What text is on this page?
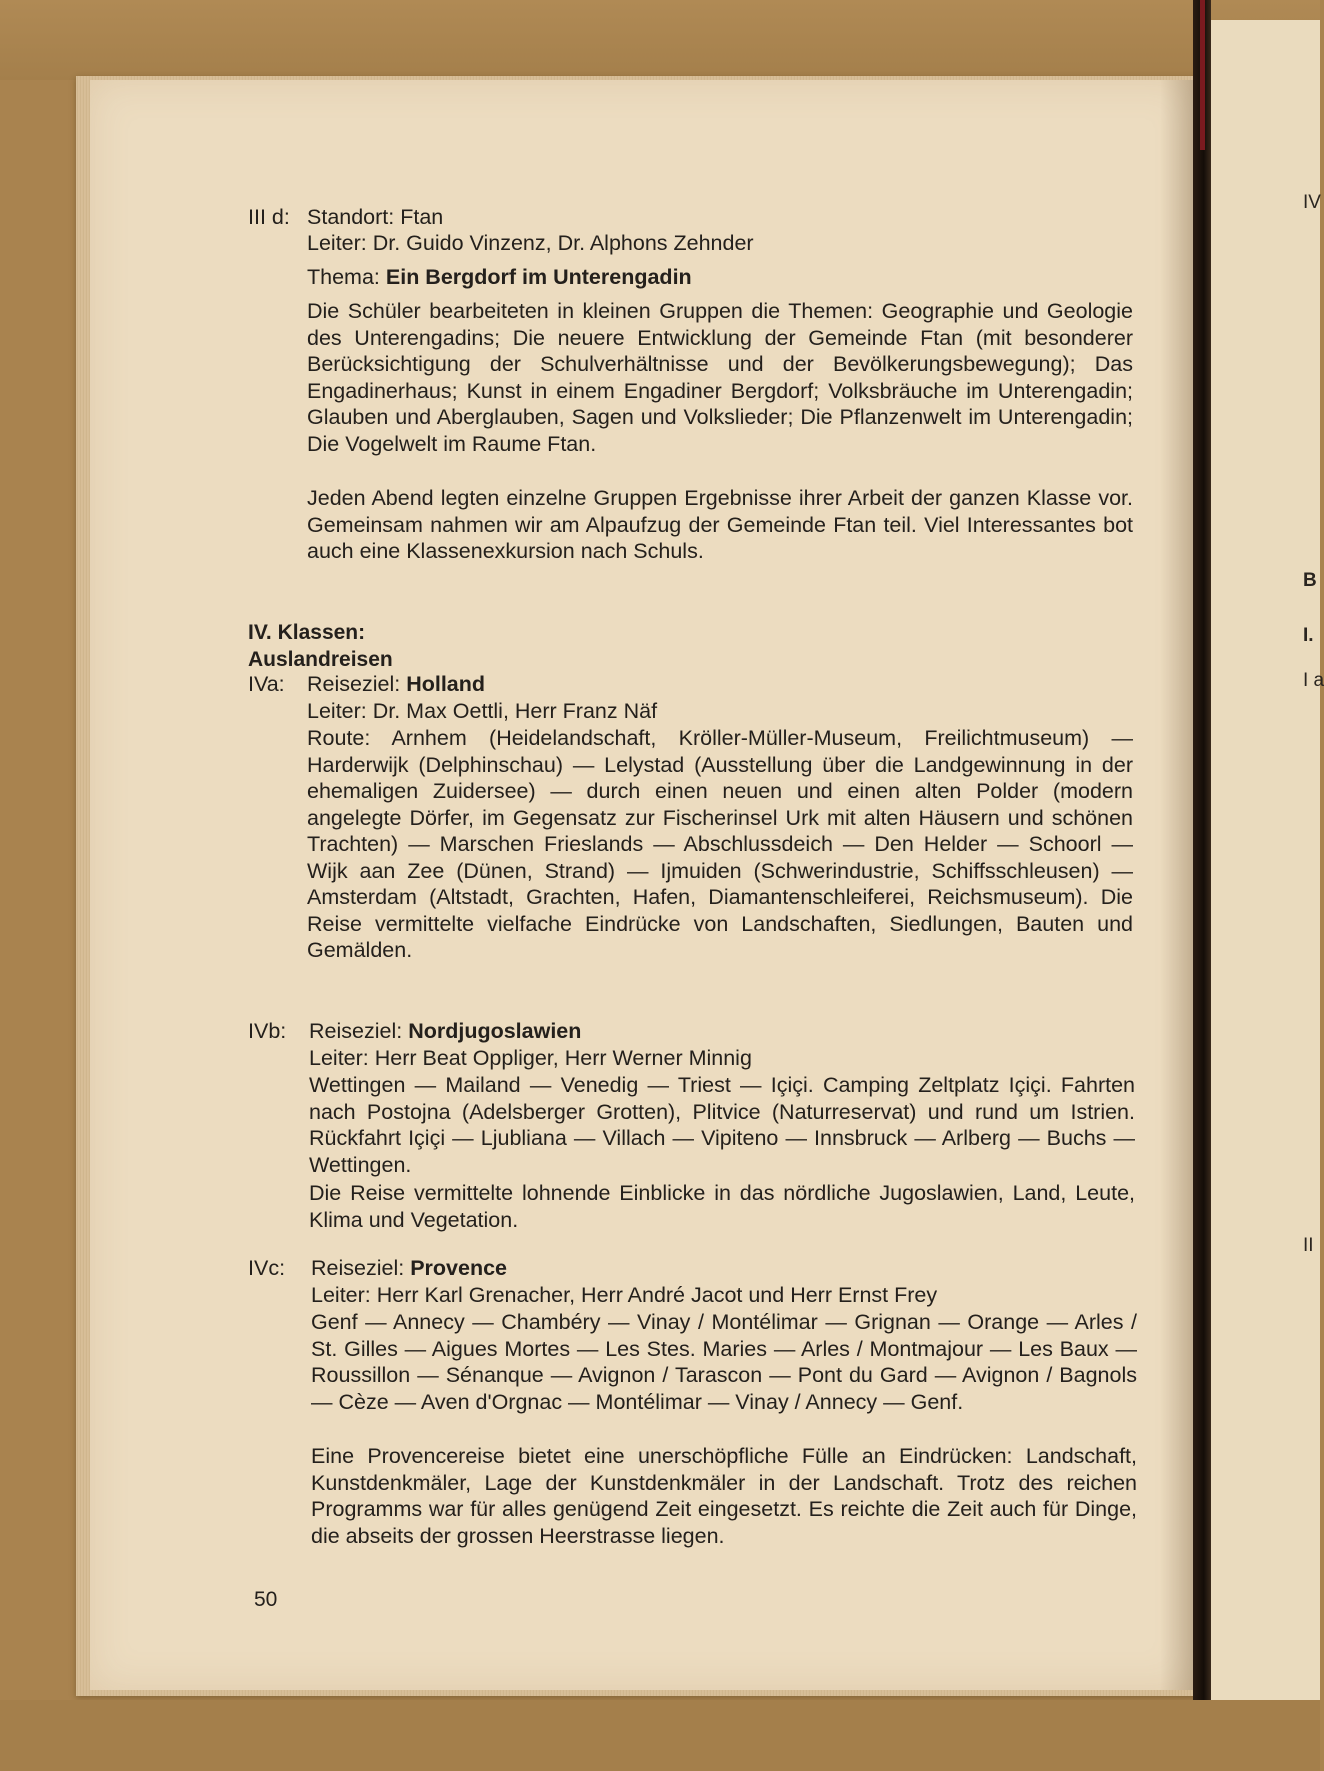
IV
B
I.
I a
II
III d: Standort: Ftan
Leiter: Dr. Guido Vinzenz, Dr. Alphons Zehnder
Thema: Ein Bergdorf im Unterengadin
Die Schüler bearbeiteten in kleinen Gruppen die Themen: Geographie und Geologie des Unterengadins; Die neuere Entwicklung der Gemeinde Ftan (mit besonderer Berücksichtigung der Schulverhältnisse und der Bevölkerungsbewegung); Das Engadinerhaus; Kunst in einem Engadiner Bergdorf; Volksbräuche im Unterengadin; Glauben und Aberglauben, Sagen und Volkslieder; Die Pflanzenwelt im Unterengadin; Die Vogelwelt im Raume Ftan.
Jeden Abend legten einzelne Gruppen Ergebnisse ihrer Arbeit der ganzen Klasse vor. Gemeinsam nahmen wir am Alpaufzug der Gemeinde Ftan teil. Viel Interessantes bot auch eine Klassenexkursion nach Schuls.
IV. Klassen: Auslandreisen
IVa: Reiseziel: Holland
Leiter: Dr. Max Oettli, Herr Franz Näf
Route: Arnhem (Heidelandschaft, Kröller-Müller-Museum, Freilichtmuseum) — Harderwijk (Delphinschau) — Lelystad (Ausstellung über die Landgewinnung in der ehemaligen Zuidersee) — durch einen neuen und einen alten Polder (modern angelegte Dörfer, im Gegensatz zur Fischerinsel Urk mit alten Häusern und schönen Trachten) — Marschen Frieslands — Abschlussdeich — Den Helder — Schoorl — Wijk aan Zee (Dünen, Strand) — Ijmuiden (Schwerindustrie, Schiffsschleusen) — Amsterdam (Altstadt, Grachten, Hafen, Diamantenschleiferei, Reichsmuseum). Die Reise vermittelte vielfache Eindrücke von Landschaften, Siedlungen, Bauten und Gemälden.
IVb: Reiseziel: Nordjugoslawien
Leiter: Herr Beat Oppliger, Herr Werner Minnig
Wettingen — Mailand — Venedig — Triest — Içiçi. Camping Zeltplatz Içiçi. Fahrten nach Postojna (Adelsberger Grotten), Plitvice (Naturreservat) und rund um Istrien. Rückfahrt Içiçi — Ljubliana — Villach — Vipiteno — Innsbruck — Arlberg — Buchs — Wettingen.
Die Reise vermittelte lohnende Einblicke in das nördliche Jugoslawien, Land, Leute, Klima und Vegetation.
IVc: Reiseziel: Provence
Leiter: Herr Karl Grenacher, Herr André Jacot und Herr Ernst Frey
Genf — Annecy — Chambéry — Vinay / Montélimar — Grignan — Orange — Arles / St. Gilles — Aigues Mortes — Les Stes. Maries — Arles / Montmajour — Les Baux — Roussillon — Sénanque — Avignon / Tarascon — Pont du Gard — Avignon / Bagnols — Cèze — Aven d'Orgnac — Montélimar — Vinay / Annecy — Genf.
Eine Provencereise bietet eine unerschöpfliche Fülle an Eindrücken: Landschaft, Kunstdenkmäler, Lage der Kunstdenkmäler in der Landschaft. Trotz des reichen Programms war für alles genügend Zeit eingesetzt. Es reichte die Zeit auch für Dinge, die abseits der grossen Heerstrasse liegen.
50
